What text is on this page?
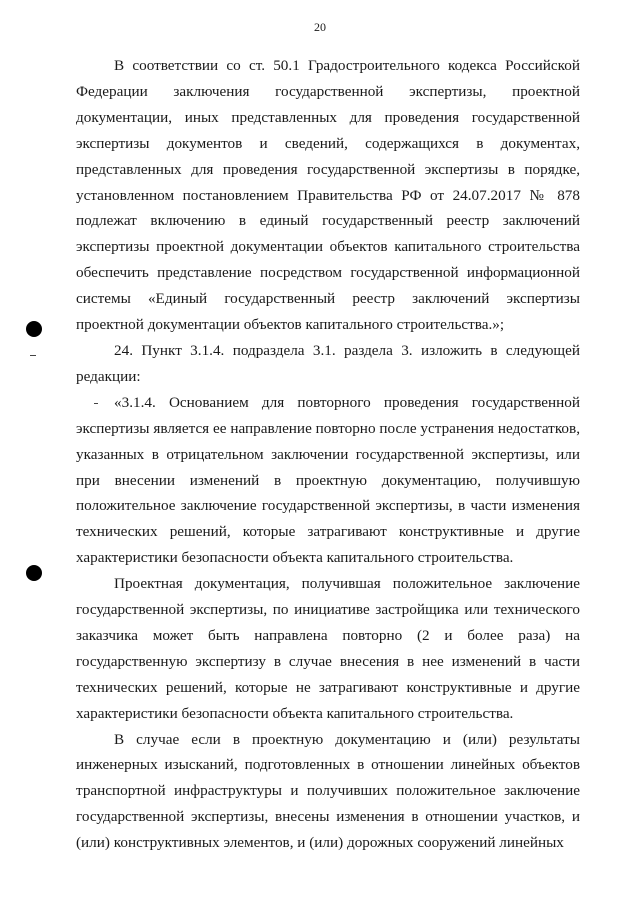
20

В соответствии со ст. 50.1 Градостроительного кодекса Российской Федерации заключения государственной экспертизы, проектной документации, иных представленных для проведения государственной экспертизы документов и сведений, содержащихся в документах, представленных для проведения государственной экспертизы в порядке, установленном постановлением Правительства РФ от 24.07.2017 № 878 подлежат включению в единый государственный реестр заключений экспертизы проектной документации объектов капитального строительства обеспечить представление посредством государственной информационной системы «Единый государственный реестр заключений экспертизы проектной документации объектов капитального строительства.»;

24. Пункт 3.1.4. подраздела 3.1. раздела 3. изложить в следующей редакции:

«3.1.4. Основанием для повторного проведения государственной экспертизы является ее направление повторно после устранения недостатков, указанных в отрицательном заключении государственной экспертизы, или при внесении изменений в проектную документацию, получившую положительное заключение государственной экспертизы, в части изменения технических решений, которые затрагивают конструктивные и другие характеристики безопасности объекта капитального строительства.

Проектная документация, получившая положительное заключение государственной экспертизы, по инициативе застройщика или технического заказчика может быть направлена повторно (2 и более раза) на государственную экспертизу в случае внесения в нее изменений в части технических решений, которые не затрагивают конструктивные и другие характеристики безопасности объекта капитального строительства.

В случае если в проектную документацию и (или) результаты инженерных изысканий, подготовленных в отношении линейных объектов транспортной инфраструктуры и получивших положительное заключение государственной экспертизы, внесены изменения в отношении участков, и (или) конструктивных элементов, и (или) дорожных сооружений линейных
